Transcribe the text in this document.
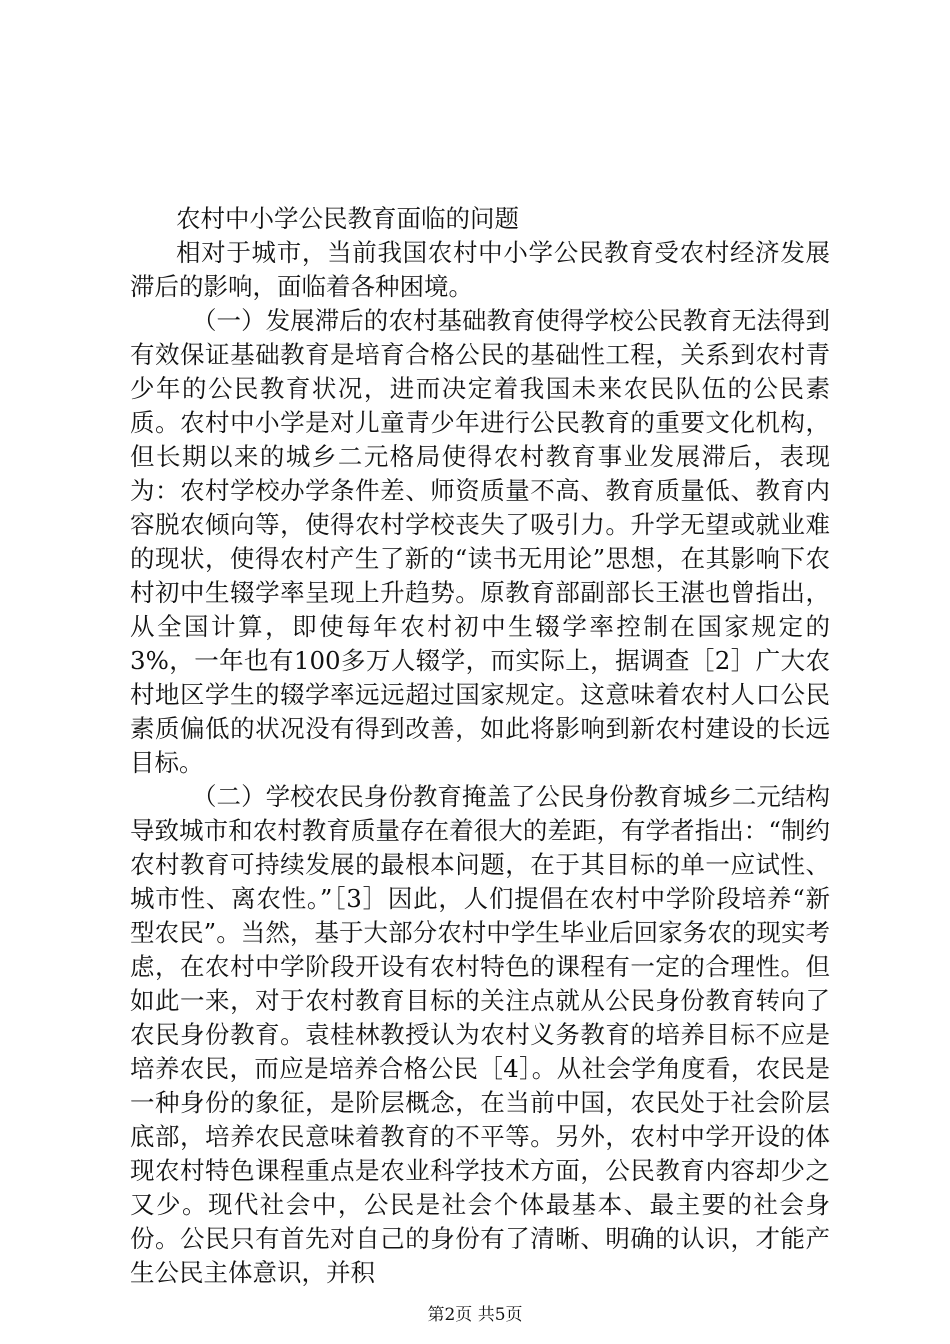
农村中小学公民教育面临的问题

相对于城市，当前我国农村中小学公民教育受农村经济发展滞后的影响，面临着各种困境。

（一）发展滞后的农村基础教育使得学校公民教育无法得到有效保证基础教育是培育合格公民的基础性工程，关系到农村青少年的公民教育状况，进而决定着我国未来农民队伍的公民素质。农村中小学是对儿童青少年进行公民教育的重要文化机构，但长期以来的城乡二元格局使得农村教育事业发展滞后，表现为：农村学校办学条件差、师资质量不高、教育质量低、教育内容脱农倾向等，使得农村学校丧失了吸引力。升学无望或就业难的现状，使得农村产生了新的“读书无用论”思想，在其影响下农村初中生辍学率呈现上升趋势。原教育部副部长王湛也曾指出，从全国计算，即使每年农村初中生辍学率控制在国家规定的3%，一年也有100多万人辍学，而实际上，据调查［2］广大农村地区学生的辍学率远远超过国家规定。这意味着农村人口公民素质偏低的状况没有得到改善，如此将影响到新农村建设的长远目标。

（二）学校农民身份教育掩盖了公民身份教育城乡二元结构导致城市和农村教育质量存在着很大的差距，有学者指出：“制约农村教育可持续发展的最根本问题，在于其目标的单一应试性、城市性、离农性。”［3］因此，人们提倡在农村中学阶段培养“新型农民”。当然，基于大部分农村中学生毕业后回家务农的现实考虑，在农村中学阶段开设有农村特色的课程有一定的合理性。但如此一来，对于农村教育目标的关注点就从公民身份教育转向了农民身份教育。袁桂林教授认为农村义务教育的培养目标不应是培养农民，而应是培养合格公民［4］。从社会学角度看，农民是一种身份的象征，是阶层概念，在当前中国，农民处于社会阶层底部，培养农民意味着教育的不平等。另外，农村中学开设的体现农村特色课程重点是农业科学技术方面，公民教育内容却少之又少。现代社会中，公民是社会个体最基本、最主要的社会身份。公民只有首先对自己的身份有了清晰、明确的认识，才能产生公民主体意识，并积

第2页 共5页
